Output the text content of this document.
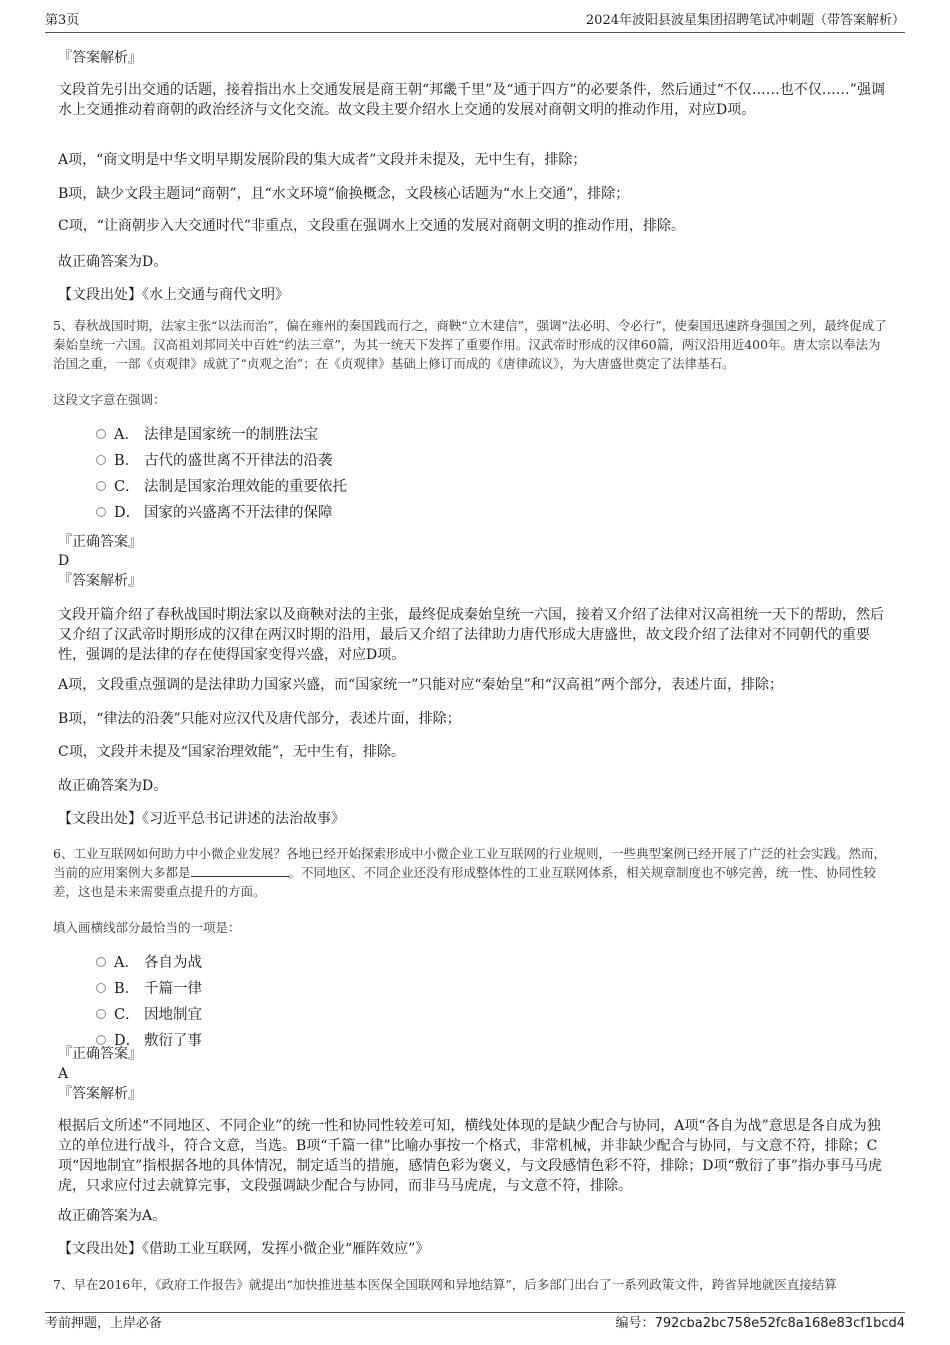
第3页	2024年波阳县波星集团招聘笔试冲刺题（带答案解析）
『答案解析』
文段首先引出交通的话题，接着指出水上交通发展是商王朝“邦畿千里”及“通于四方”的必要条件，然后通过“不仅……也不仅……”强调水上交通推动着商朝的政治经济与文化交流。故文段主要介绍水上交通的发展对商朝文明的推动作用，对应D项。
A项，“商文明是中华文明早期发展阶段的集大成者”文段并未提及，无中生有，排除；
B项，缺少文段主题词“商朝”，且“水文环境”偷换概念，文段核心话题为“水上交通”，排除；
C项，“让商朝步入大交通时代”非重点，文段重在强调水上交通的发展对商朝文明的推动作用，排除。
故正确答案为D。
【文段出处】《水上交通与商代文明》
5、春秋战国时期，法家主张“以法而治”，偏在雍州的秦国践而行之，商鞅“立木建信”，强调“法必明、令必行”，使秦国迅速跻身强国之列，最终促成了秦始皇统一六国。汉高祖刘邦同关中百姓“约法三章”，为其一统天下发挥了重要作用。汉武帝时形成的汉律60篇，两汉沿用近400年。唐太宗以奉法为治国之重，一部《贞观律》成就了“贞观之治”；在《贞观律》基础上修订而成的《唐律疏议》，为大唐盛世奠定了法律基石。
这段文字意在强调：
A． 法律是国家统一的制胜法宝
B． 古代的盛世离不开律法的沿袭
C． 法制是国家治理效能的重要依托
D． 国家的兴盛离不开法律的保障
『正确答案』
D
『答案解析』
文段开篇介绍了春秋战国时期法家以及商鞅对法的主张，最终促成秦始皇统一六国，接着又介绍了法律对汉高祖统一天下的帮助，然后又介绍了汉武帝时期形成的汉律在两汉时期的沿用，最后又介绍了法律助力唐代形成大唐盛世，故文段介绍了法律对不同朝代的重要性，强调的是法律的存在使得国家变得兴盛，对应D项。
A项，文段重点强调的是法律助力国家兴盛，而“国家统一”只能对应“秦始皇”和“汉高祖”两个部分，表述片面，排除；
B项，“律法的沿袭”只能对应汉代及唐代部分，表述片面，排除；
C项，文段并未提及“国家治理效能”，无中生有，排除。
故正确答案为D。
【文段出处】《习近平总书记讲述的法治故事》
6、工业互联网如何助力中小微企业发展？各地已经开始探索形成中小微企业工业互联网的行业规则，一些典型案例已经开展了广泛的社会实践。然而，当前的应用案例大多都是	。不同地区、不同企业还没有形成整体性的工业互联网体系，相关规章制度也不够完善，统一性、协同性较差，这也是未来需要重点提升的方面。
填入画横线部分最恰当的一项是：
A． 各自为战
B． 千篇一律
C． 因地制宜
D． 敷衍了事
『正确答案』
A
『答案解析』
根据后文所述“不同地区、不同企业”的统一性和协同性较差可知，横线处体现的是缺少配合与协同，A项“各自为战”意思是各自成为独立的单位进行战斗，符合文意，当选。B项“千篇一律”比喻办事按一个格式，非常机械，并非缺少配合与协同，与文意不符，排除；C项“因地制宜”指根据各地的具体情况，制定适当的措施，感情色彩为褒义，与文段感情色彩不符，排除；D项“敷衍了事”指办事马马虎虎，只求应付过去就算完事，文段强调缺少配合与协同，而非马马虎虎，与文意不符，排除。
故正确答案为A。
【文段出处】《借助工业互联网，发挥小微企业“雁阵效应”》
7、早在2016年，《政府工作报告》就提出“加快推进基本医保全国联网和异地结算”，后多部门出台了一系列政策文件，跨省异地就医直接结算
考前押题，上岸必备	编号：792cba2bc758e52fc8a168e83cf1bcd4
